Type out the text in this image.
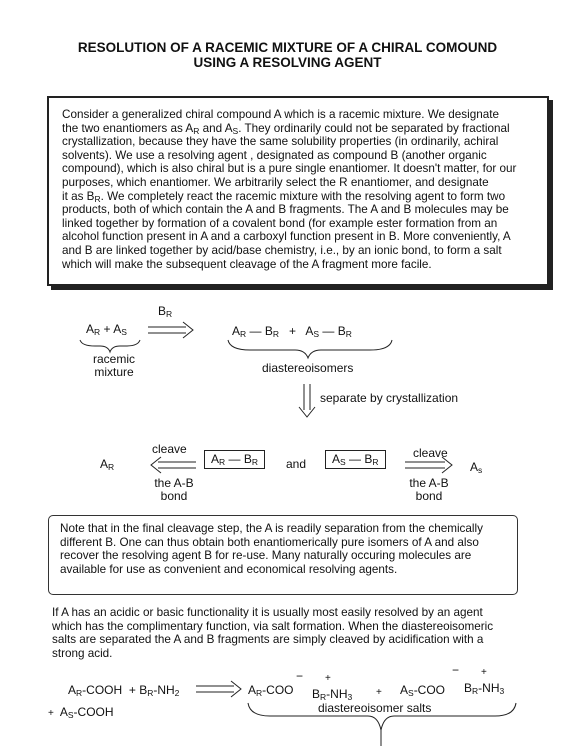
RESOLUTION OF A RACEMIC MIXTURE OF A CHIRAL COMOUND
USING A RESOLVING AGENT
Consider a generalized chiral compound A which is a racemic mixture. We designate
the two enantiomers as $A_R$ and $A_S$. They ordinarily could not be separated by fractional
crystallization, because they have the same solubility properties (in ordinarily, achiral
solvents). We use a resolving agent , designated as compound B (another organic
compound), which is also chiral but is a pure single enantiomer. It doesn't matter, for our
purposes, which enantiomer. We arbitrarily select the R enantiomer, and designate
it as $B_R$. We completely react the racemic mixture with the resolving agent to form two
products, both of which contain the A and B fragments. The A and B molecules may be
linked together by formation of a covalent bond (for example ester formation from an
alcohol function present in A and a carboxyl function present in B. More conveniently, A
and B are linked together by acid/base chemistry, i.e., by an ionic bond, to form a salt
which will make the subsequent cleavage of the A fragment more facile.
$B_R$
$A_R + A_S$
racemic
mixture
$A_R$ — $B_R + A_S$ — $B_R$
diastereoisomers
separate by crystallization
$A_R$
cleave
the A-B
bond
$A_R$ — $B_R$	and	$A_S$ — $B_R$
cleave
the A-B
bond
$A_s$
Note that in the final cleavage step, the A is readily separation from the chemically
different B. One can thus obtain both enantiomerically pure isomers of A and also
recover the resolving agent B for re-use. Many naturally occuring molecules are
available for use as convenient and economical resolving agents.
If A has an acidic or basic functionality it is usually most easily resolved by an agent
which has the complimentary function, via salt formation. When the diastereoisomeric
salts are separated the A and B fragments are simply cleaved by acidification with a
strong acid.
$A_R$-COOH + $B_R-NH_2$
+ $A_S$-COOH
$A_R$-COO
− +
$B_R-NH_3 + A_S-COO$
− +
$B_R-NH_3$
diastereoisomer salts
